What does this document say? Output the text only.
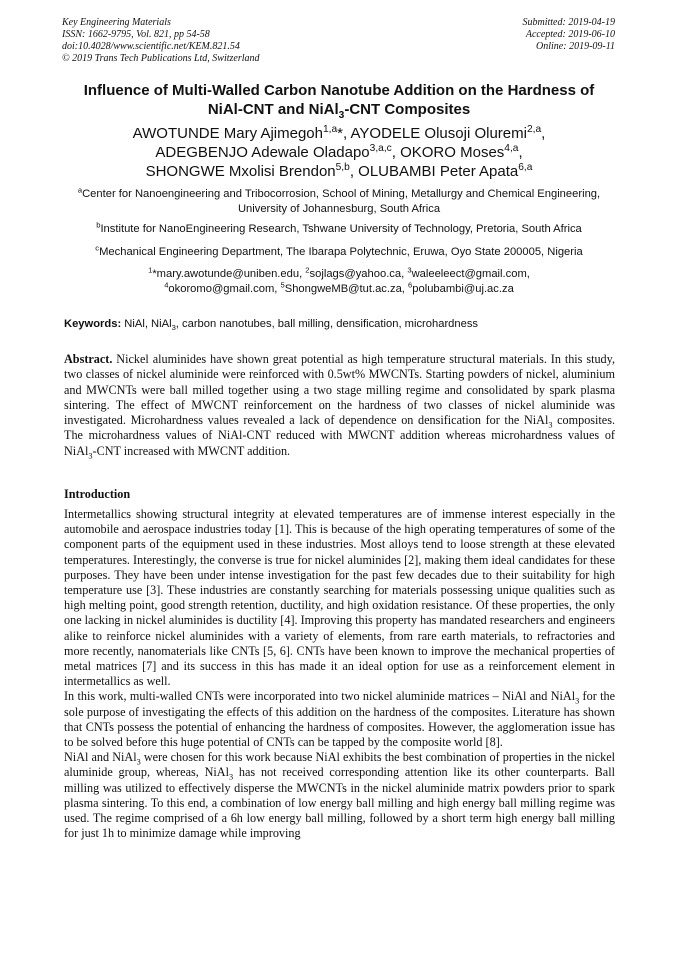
Key Engineering Materials
ISSN: 1662-9795, Vol. 821, pp 54-58
doi:10.4028/www.scientific.net/KEM.821.54
© 2019 Trans Tech Publications Ltd, Switzerland
Submitted: 2019-04-19
Accepted: 2019-06-10
Online: 2019-09-11
Influence of Multi-Walled Carbon Nanotube Addition on the Hardness of
NiAl-CNT and NiAl$_3$-CNT Composites
AWOTUNDE Mary Ajimegoh$^{1,a}$*, AYODELE Olusoji Oluremi$^{2,a}$,
ADEGBENJO Adewale Oladapo$^{3,a,c}$, OKORO Moses$^{4,a}$,
SHONGWE Mxolisi Brendon$^{5,b}$, OLUBAMBI Peter Apata$^{6,a}$
$^a$Center for Nanoengineering and Tribocorrosion, School of Mining, Metallurgy and Chemical Engineering, University of Johannesburg, South Africa
$^b$Institute for NanoEngineering Research, Tshwane University of Technology, Pretoria, South Africa
$^c$Mechanical Engineering Department, The Ibarapa Polytechnic, Eruwa, Oyo State 200005, Nigeria
$^1$*mary.awotunde@uniben.edu, $^2$sojlags@yahoo.ca, $^3$waleeleect@gmail.com,
$^4$okoromo@gmail.com, $^5$ShongweMB@tut.ac.za, $^6$polubambi@uj.ac.za
Keywords: NiAl, NiAl$_3$, carbon nanotubes, ball milling, densification, microhardness
Abstract. Nickel aluminides have shown great potential as high temperature structural materials. In this study, two classes of nickel aluminide were reinforced with 0.5wt% MWCNTs. Starting powders of nickel, aluminium and MWCNTs were ball milled together using a two stage milling regime and consolidated by spark plasma sintering. The effect of MWCNT reinforcement on the hardness of two classes of nickel aluminide was investigated. Microhardness values revealed a lack of dependence on densification for the NiAl$_3$ composites. The microhardness values of NiAl-CNT reduced with MWCNT addition whereas microhardness values of NiAl$_3$-CNT increased with MWCNT addition.
Introduction

Intermetallics showing structural integrity at elevated temperatures are of immense interest especially in the automobile and aerospace industries today [1]. This is because of the high operating temperatures of some of the component parts of the equipment used in these industries. Most alloys tend to loose strength at these elevated temperatures. Interestingly, the converse is true for nickel aluminides [2], making them ideal candidates for these purposes. They have been under intense investigation for the past few decades due to their suitability for high temperature use [3]. These industries are constantly searching for materials possessing unique qualities such as high melting point, good strength retention, ductility, and high oxidation resistance. Of these properties, the only one lacking in nickel aluminides is ductility [4]. Improving this property has mandated researchers and engineers alike to reinforce nickel aluminides with a variety of elements, from rare earth materials, to refractories and more recently, nanomaterials like CNTs [5, 6]. CNTs have been known to improve the mechanical properties of metal matrices [7] and its success in this has made it an ideal option for use as a reinforcement element in intermetallics as well.

In this work, multi-walled CNTs were incorporated into two nickel aluminide matrices – NiAl and NiAl$_3$ for the sole purpose of investigating the effects of this addition on the hardness of the composites. Literature has shown that CNTs possess the potential of enhancing the hardness of composites. However, the agglomeration issue has to be solved before this huge potential of CNTs can be tapped by the composite world [8].

NiAl and NiAl$_3$ were chosen for this work because NiAl exhibits the best combination of properties in the nickel aluminide group, whereas, NiAl$_3$ has not received corresponding attention like its other counterparts. Ball milling was utilized to effectively disperse the MWCNTs in the nickel aluminide matrix powders prior to spark plasma sintering. To this end, a combination of low energy ball milling and high energy ball milling regime was used. The regime comprised of a 6h low energy ball milling, followed by a short term high energy ball milling for just 1h to minimize damage while improving
